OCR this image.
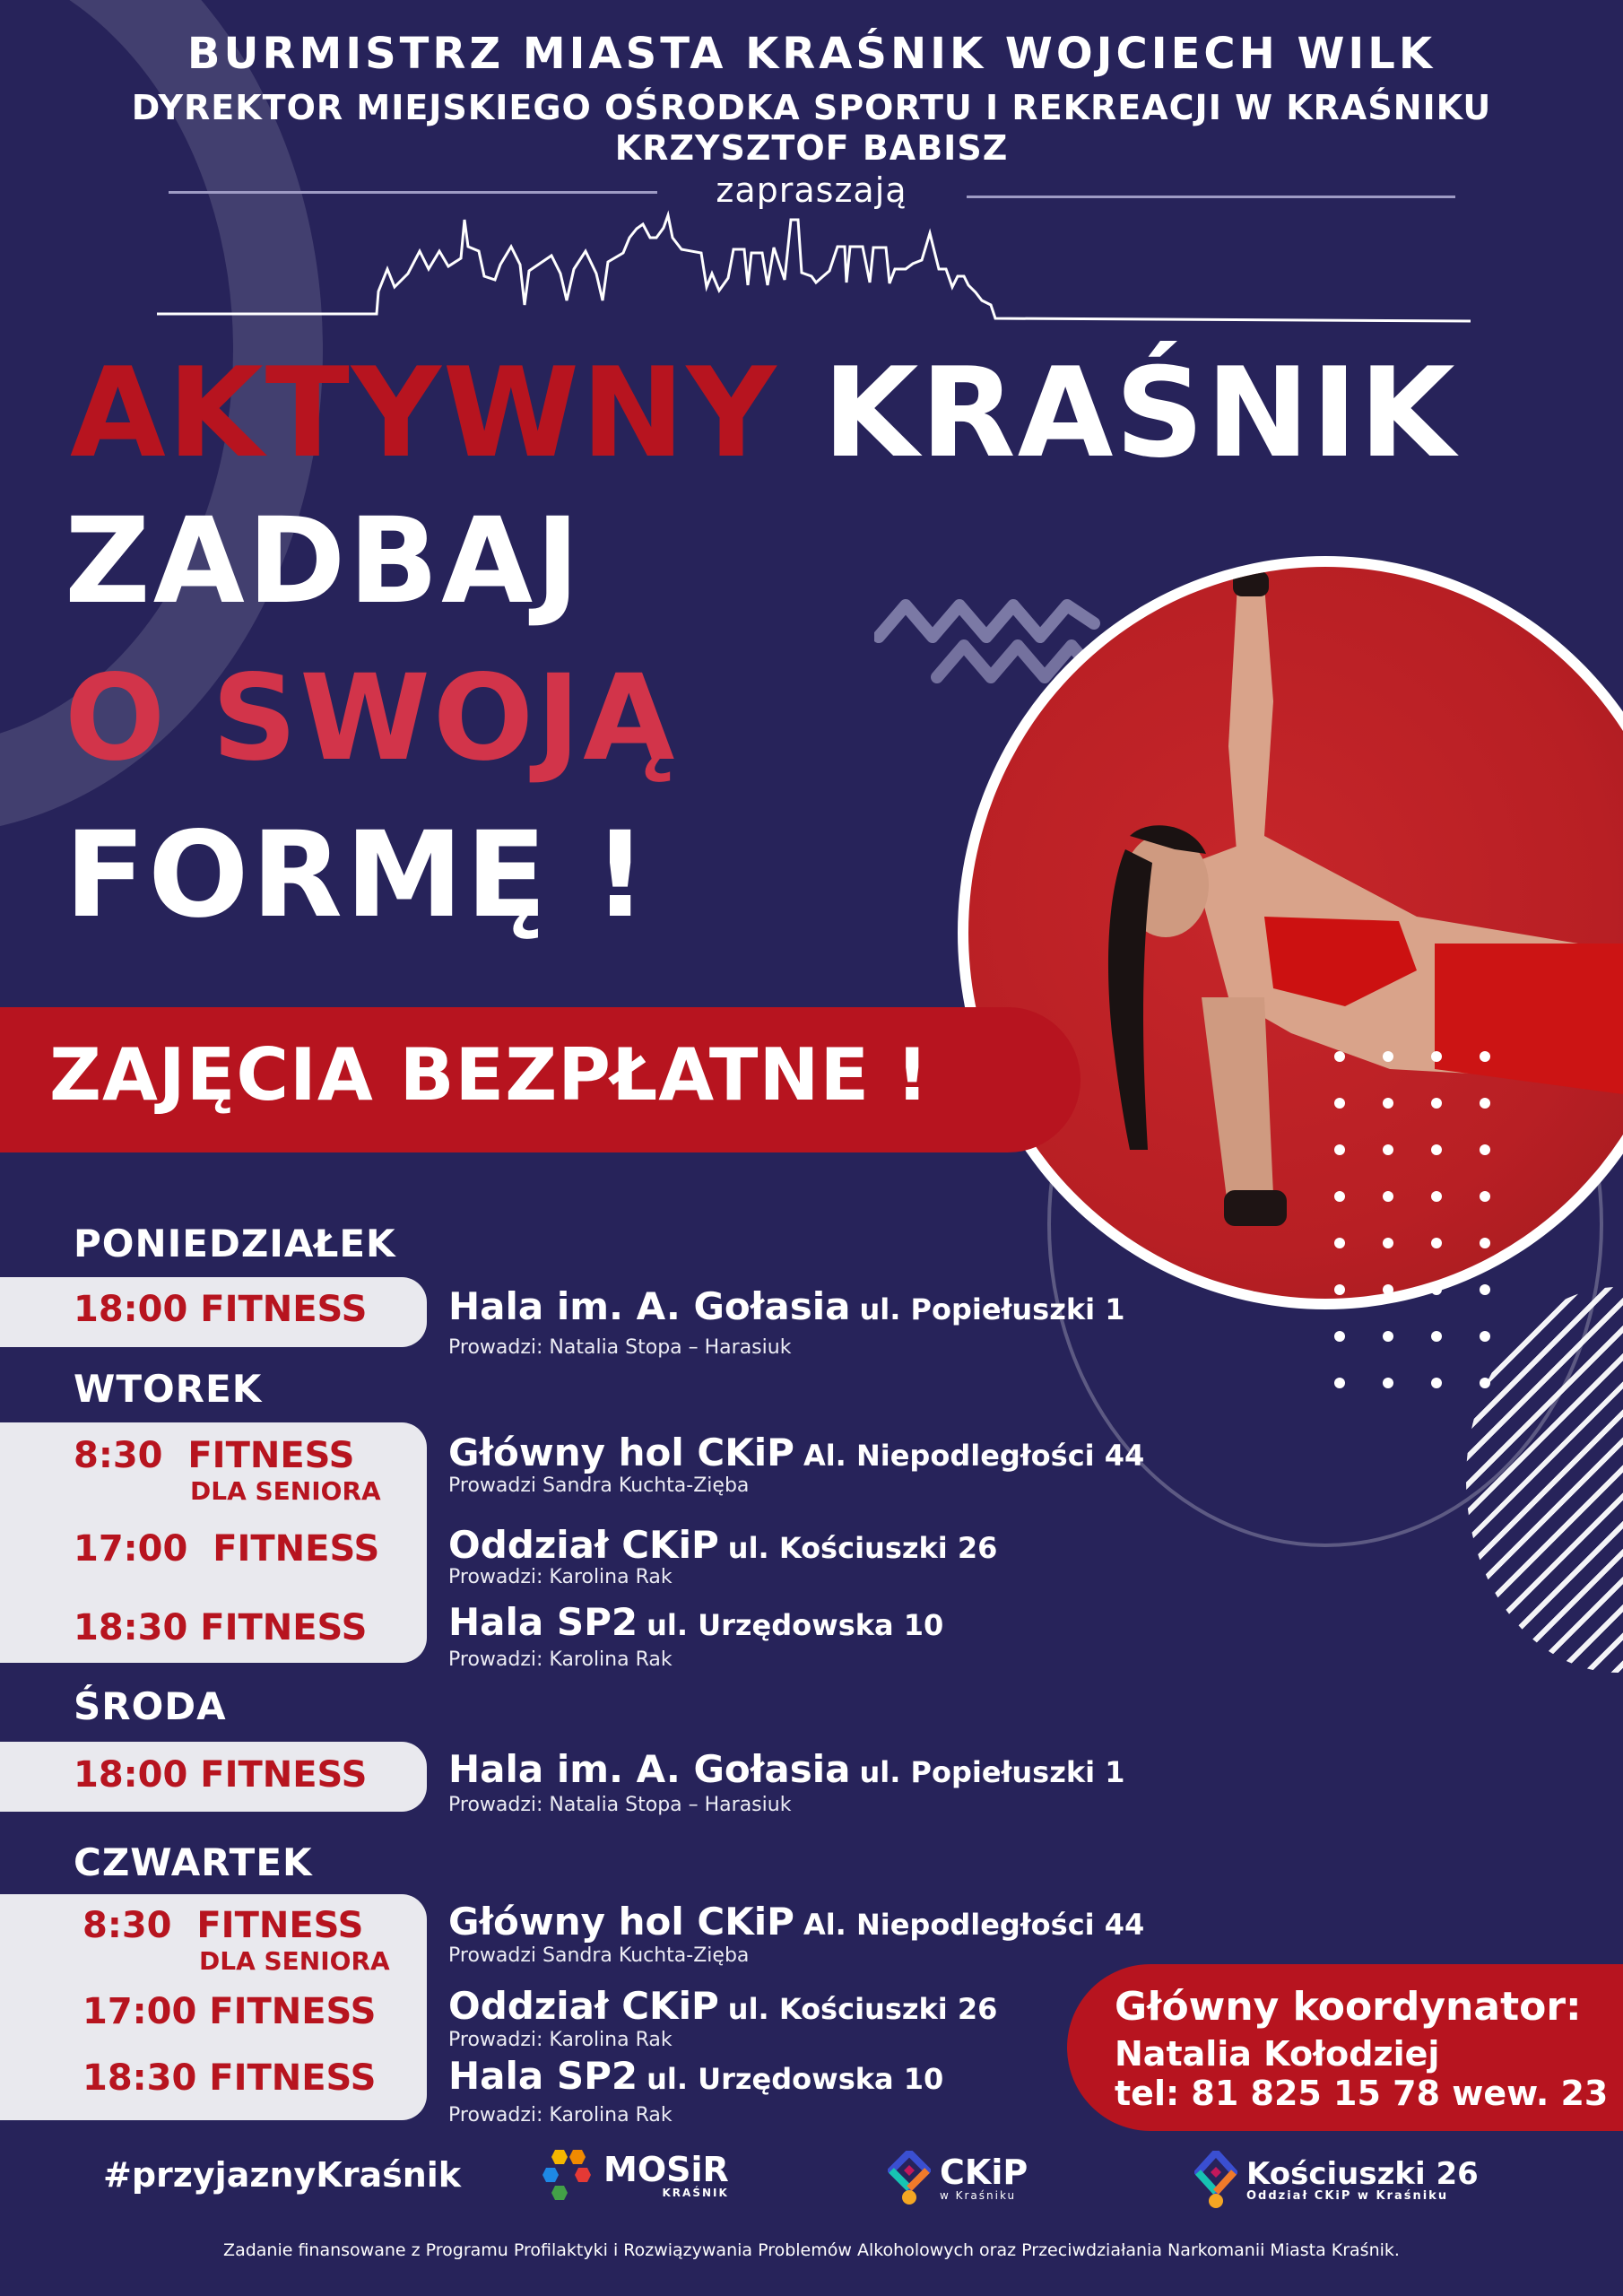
BURMISTRZ MIASTA KRAŚNIK WOJCIECH WILK
DYREKTOR MIEJSKIEGO OŚRODKA SPORTU I REKREACJI W KRAŚNIKU
KRZYSZTOF BABISZ
zapraszają
AKTYWNY KRAŚNIK
ZADBAJ
O SWOJĄ
FORMĘ !
ZAJĘCIA BEZPŁATNE !
PONIEDZIAŁEK
18:00 FITNESS Hala im. A. Gołasia ul. Popiełuszki 1
Prowadzi: Natalia Stopa – Harasiuk
WTOREK
8:30 FITNESS
DLA SENIORA
Główny hol CKiP Al. Niepodległości 44
Prowadzi Sandra Kuchta-Zięba
17:00 FITNESS Oddział CKiP ul. Kościuszki 26
Prowadzi: Karolina Rak
18:30 FITNESS Hala SP2 ul. Urzędowska 10
Prowadzi: Karolina Rak
ŚRODA
18:00 FITNESS Hala im. A. Gołasia ul. Popiełuszki 1
Prowadzi: Natalia Stopa – Harasiuk
CZWARTEK
8:30 FITNESS
DLA SENIORA
Główny hol CKiP Al. Niepodległości 44
Prowadzi Sandra Kuchta-Zięba
17:00 FITNESS Oddział CKiP ul. Kościuszki 26
Prowadzi: Karolina Rak
18:30 FITNESS Hala SP2 ul. Urzędowska 10
Prowadzi: Karolina Rak
Główny koordynator:
Natalia Kołodziej
tel: 81 825 15 78 wew. 23
#przyjaznyKraśnik	MOSiR
KRAŚNIK
CKiP
w Kraśniku
Kościuszki 26
Oddział CKiP w Kraśniku
Zadanie finansowane z Programu Profilaktyki i Rozwiązywania Problemów Alkoholowych oraz Przeciwdziałania Narkomanii Miasta Kraśnik.
